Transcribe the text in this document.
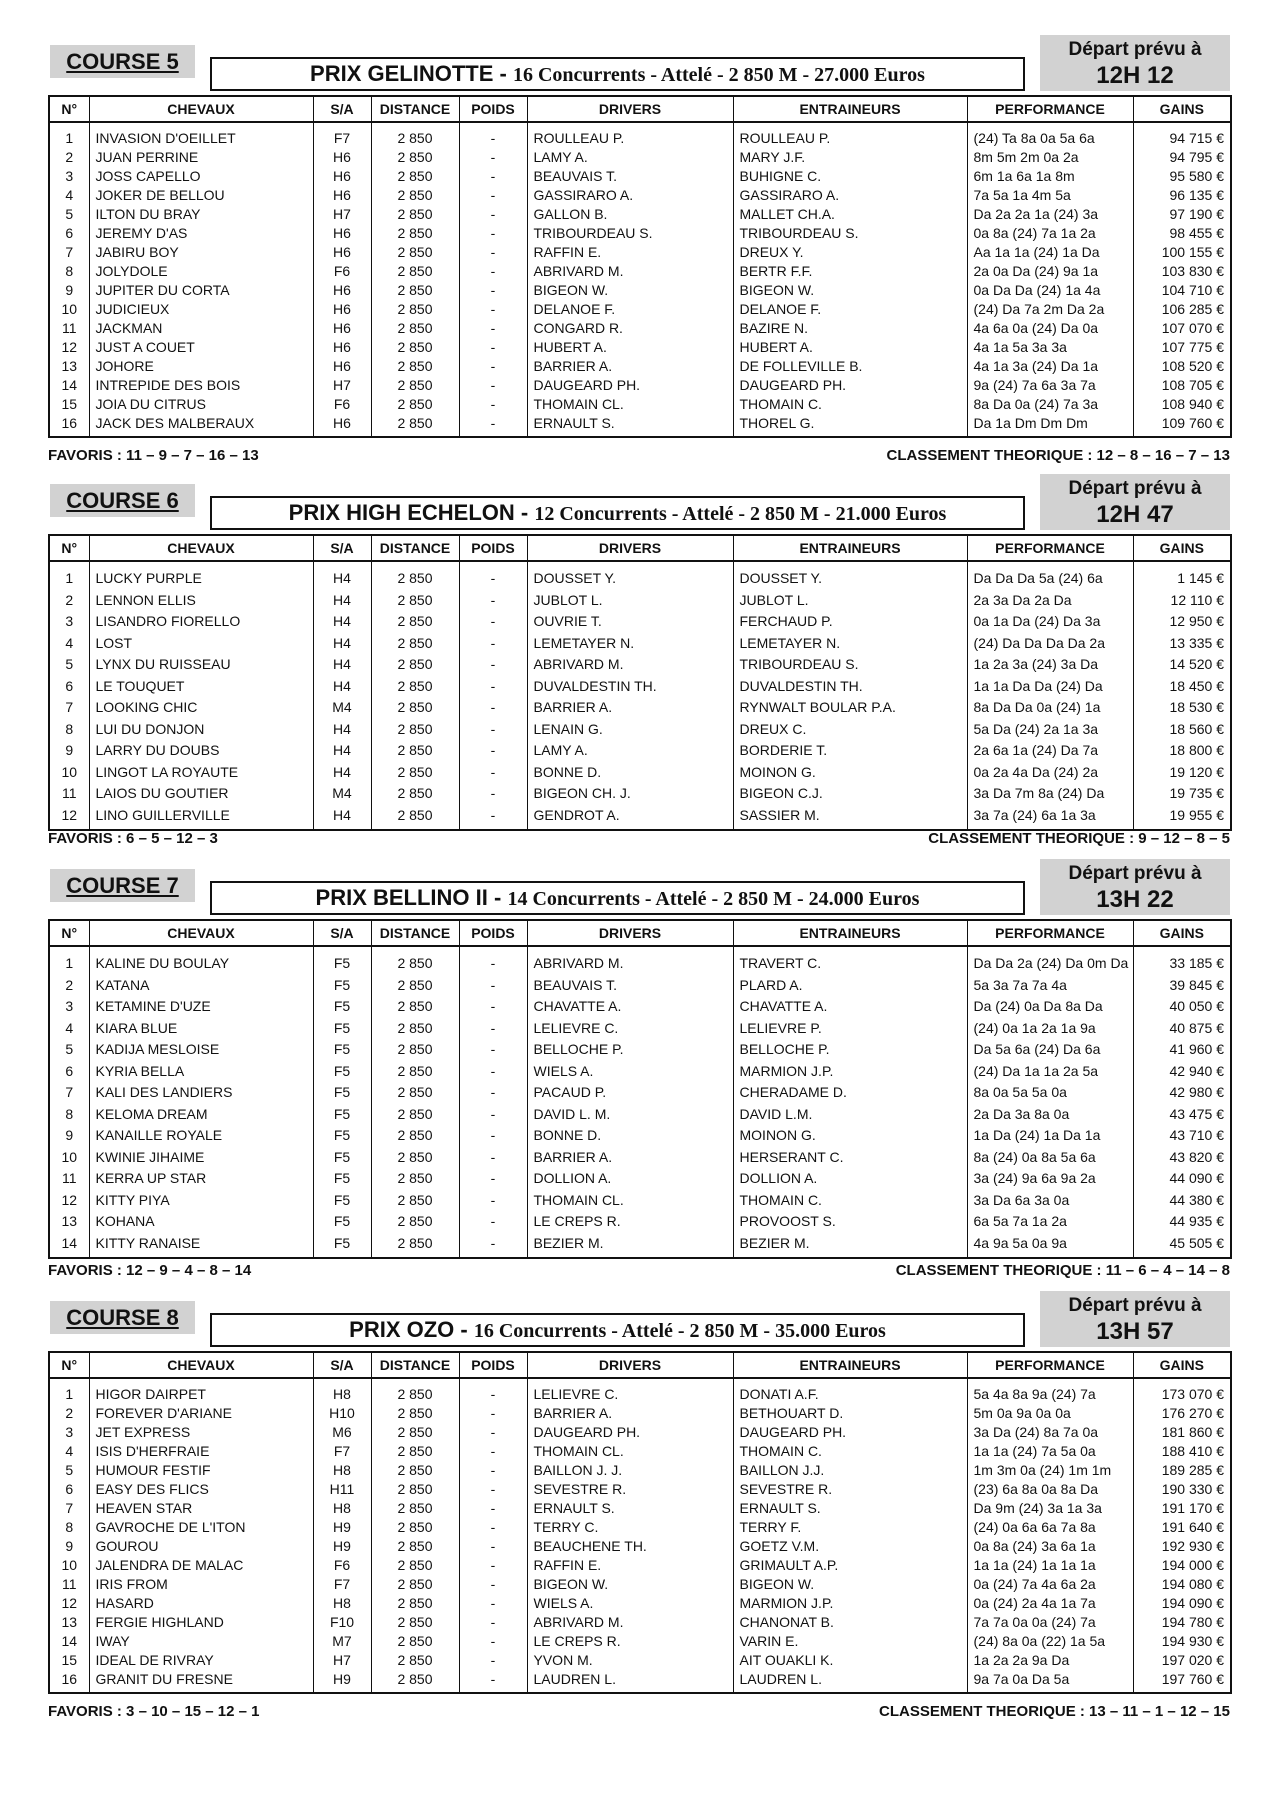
COURSE 5	PRIX GELINOTTE - 16 Concurrents - Attelé - 2 850 M - 27.000 Euros
Départ prévu à
12H 12
N°	CHEVAUX	S/A	DISTANCE	POIDS	DRIVERS	ENTRAINEURS	PERFORMANCE	GAINS
1	INVASION D'OEILLET	F7	2 850	-	ROULLEAU P.	ROULLEAU P.	(24) Ta 8a 0a 5a 6a	94 715 €
2	JUAN PERRINE	H6	2 850	-	LAMY A.	MARY J.F.	8m 5m 2m 0a 2a	94 795 €
3	JOSS CAPELLO	H6	2 850	-	BEAUVAIS T.	BUHIGNE C.	6m 1a 6a 1a 8m	95 580 €
4	JOKER DE BELLOU	H6	2 850	-	GASSIRARO A.	GASSIRARO A.	7a 5a 1a 4m 5a	96 135 €
5	ILTON DU BRAY	H7	2 850	-	GALLON B.	MALLET CH.A.	Da 2a 2a 1a (24) 3a	97 190 €
6	JEREMY D'AS	H6	2 850	-	TRIBOURDEAU S.	TRIBOURDEAU S.	0a 8a (24) 7a 1a 2a	98 455 €
7	JABIRU BOY	H6	2 850	-	RAFFIN E.	DREUX Y.	Aa 1a 1a (24) 1a Da	100 155 €
8	JOLYDOLE	F6	2 850	-	ABRIVARD M.	BERTR F.F.	2a 0a Da (24) 9a 1a	103 830 €
9	JUPITER DU CORTA	H6	2 850	-	BIGEON W.	BIGEON W.	0a Da Da (24) 1a 4a	104 710 €
10	JUDICIEUX	H6	2 850	-	DELANOE F.	DELANOE F.	(24) Da 7a 2m Da 2a	106 285 €
11	JACKMAN	H6	2 850	-	CONGARD R.	BAZIRE N.	4a 6a 0a (24) Da 0a	107 070 €
12	JUST A COUET	H6	2 850	-	HUBERT A.	HUBERT A.	4a 1a 5a 3a 3a	107 775 €
13	JOHORE	H6	2 850	-	BARRIER A.	DE FOLLEVILLE B.	4a 1a 3a (24) Da 1a	108 520 €
14	INTREPIDE DES BOIS	H7	2 850	-	DAUGEARD PH.	DAUGEARD PH.	9a (24) 7a 6a 3a 7a	108 705 €
15	JOIA DU CITRUS	F6	2 850	-	THOMAIN CL.	THOMAIN C.	8a Da 0a (24) 7a 3a	108 940 €
16	JACK DES MALBERAUX	H6	2 850	-	ERNAULT S.	THOREL G.	Da 1a Dm Dm Dm	109 760 €
FAVORIS : 11 – 9 – 7 – 16 – 13	CLASSEMENT THEORIQUE : 12 – 8 – 16 – 7 – 13
COURSE 6	PRIX HIGH ECHELON - 12 Concurrents - Attelé - 2 850 M - 21.000 Euros
Départ prévu à
12H 47
N°	CHEVAUX	S/A	DISTANCE	POIDS	DRIVERS	ENTRAINEURS	PERFORMANCE	GAINS
1	LUCKY PURPLE	H4	2 850	-	DOUSSET Y.	DOUSSET Y.	Da Da Da 5a (24) 6a	1 145 €
2	LENNON ELLIS	H4	2 850	-	JUBLOT L.	JUBLOT L.	2a 3a Da 2a Da	12 110 €
3	LISANDRO FIORELLO	H4	2 850	-	OUVRIE T.	FERCHAUD P.	0a 1a Da (24) Da 3a	12 950 €
4	LOST	H4	2 850	-	LEMETAYER N.	LEMETAYER N.	(24) Da Da Da Da 2a	13 335 €
5	LYNX DU RUISSEAU	H4	2 850	-	ABRIVARD M.	TRIBOURDEAU S.	1a 2a 3a (24) 3a Da	14 520 €
6	LE TOUQUET	H4	2 850	-	DUVALDESTIN TH.	DUVALDESTIN TH.	1a 1a Da Da (24) Da	18 450 €
7	LOOKING CHIC	M4	2 850	-	BARRIER A.	RYNWALT BOULAR P.A.	8a Da Da 0a (24) 1a	18 530 €
8	LUI DU DONJON	H4	2 850	-	LENAIN G.	DREUX C.	5a Da (24) 2a 1a 3a	18 560 €
9	LARRY DU DOUBS	H4	2 850	-	LAMY A.	BORDERIE T.	2a 6a 1a (24) Da 7a	18 800 €
10	LINGOT LA ROYAUTE	H4	2 850	-	BONNE D.	MOINON G.	0a 2a 4a Da (24) 2a	19 120 €
11	LAIOS DU GOUTIER	M4	2 850	-	BIGEON CH. J.	BIGEON C.J.	3a Da 7m 8a (24) Da	19 735 €
12	LINO GUILLERVILLE	H4	2 850	-	GENDROT A.	SASSIER M.	3a 7a (24) 6a 1a 3a	19 955 €
FAVORIS : 6 – 5 – 12 – 3	CLASSEMENT THEORIQUE : 9 – 12 – 8 – 5
COURSE 7	PRIX BELLINO II - 14 Concurrents - Attelé - 2 850 M - 24.000 Euros
Départ prévu à
13H 22
N°	CHEVAUX	S/A	DISTANCE	POIDS	DRIVERS	ENTRAINEURS	PERFORMANCE	GAINS
1	KALINE DU BOULAY	F5	2 850	-	ABRIVARD M.	TRAVERT C.	Da Da 2a (24) Da 0m Da	33 185 €
2	KATANA	F5	2 850	-	BEAUVAIS T.	PLARD A.	5a 3a 7a 7a 4a	39 845 €
3	KETAMINE D'UZE	F5	2 850	-	CHAVATTE A.	CHAVATTE A.	Da (24) 0a Da 8a Da	40 050 €
4	KIARA BLUE	F5	2 850	-	LELIEVRE C.	LELIEVRE P.	(24) 0a 1a 2a 1a 9a	40 875 €
5	KADIJA MESLOISE	F5	2 850	-	BELLOCHE P.	BELLOCHE P.	Da 5a 6a (24) Da 6a	41 960 €
6	KYRIA BELLA	F5	2 850	-	WIELS A.	MARMION J.P.	(24) Da 1a 1a 2a 5a	42 940 €
7	KALI DES LANDIERS	F5	2 850	-	PACAUD P.	CHERADAME D.	8a 0a 5a 5a 0a	42 980 €
8	KELOMA DREAM	F5	2 850	-	DAVID L. M.	DAVID L.M.	2a Da 3a 8a 0a	43 475 €
9	KANAILLE ROYALE	F5	2 850	-	BONNE D.	MOINON G.	1a Da (24) 1a Da 1a	43 710 €
10	KWINIE JIHAIME	F5	2 850	-	BARRIER A.	HERSERANT C.	8a (24) 0a 8a 5a 6a	43 820 €
11	KERRA UP STAR	F5	2 850	-	DOLLION A.	DOLLION A.	3a (24) 9a 6a 9a 2a	44 090 €
12	KITTY PIYA	F5	2 850	-	THOMAIN CL.	THOMAIN C.	3a Da 6a 3a 0a	44 380 €
13	KOHANA	F5	2 850	-	LE CREPS R.	PROVOOST S.	6a 5a 7a 1a 2a	44 935 €
14	KITTY RANAISE	F5	2 850	-	BEZIER M.	BEZIER M.	4a 9a 5a 0a 9a	45 505 €
FAVORIS : 12 – 9 – 4 – 8 – 14	CLASSEMENT THEORIQUE : 11 – 6 – 4 – 14 – 8
COURSE 8	PRIX OZO - 16 Concurrents - Attelé - 2 850 M - 35.000 Euros
Départ prévu à
13H 57
N°	CHEVAUX	S/A	DISTANCE	POIDS	DRIVERS	ENTRAINEURS	PERFORMANCE	GAINS
1	HIGOR DAIRPET	H8	2 850	-	LELIEVRE C.	DONATI A.F.	5a 4a 8a 9a (24) 7a	173 070 €
2	FOREVER D'ARIANE	H10	2 850	-	BARRIER A.	BETHOUART D.	5m 0a 9a 0a 0a	176 270 €
3	JET EXPRESS	M6	2 850	-	DAUGEARD PH.	DAUGEARD PH.	3a Da (24) 8a 7a 0a	181 860 €
4	ISIS D'HERFRAIE	F7	2 850	-	THOMAIN CL.	THOMAIN C.	1a 1a (24) 7a 5a 0a	188 410 €
5	HUMOUR FESTIF	H8	2 850	-	BAILLON J. J.	BAILLON J.J.	1m 3m 0a (24) 1m 1m	189 285 €
6	EASY DES FLICS	H11	2 850	-	SEVESTRE R.	SEVESTRE R.	(23) 6a 8a 0a 8a Da	190 330 €
7	HEAVEN STAR	H8	2 850	-	ERNAULT S.	ERNAULT S.	Da 9m (24) 3a 1a 3a	191 170 €
8	GAVROCHE DE L'ITON	H9	2 850	-	TERRY C.	TERRY F.	(24) 0a 6a 6a 7a 8a	191 640 €
9	GOUROU	H9	2 850	-	BEAUCHENE TH.	GOETZ V.M.	0a 8a (24) 3a 6a 1a	192 930 €
10	JALENDRA DE MALAC	F6	2 850	-	RAFFIN E.	GRIMAULT A.P.	1a 1a (24) 1a 1a 1a	194 000 €
11	IRIS FROM	F7	2 850	-	BIGEON W.	BIGEON W.	0a (24) 7a 4a 6a 2a	194 080 €
12	HASARD	H8	2 850	-	WIELS A.	MARMION J.P.	0a (24) 2a 4a 1a 7a	194 090 €
13	FERGIE HIGHLAND	F10	2 850	-	ABRIVARD M.	CHANONAT B.	7a 7a 0a 0a (24) 7a	194 780 €
14	IWAY	M7	2 850	-	LE CREPS R.	VARIN E.	(24) 8a 0a (22) 1a 5a	194 930 €
15	IDEAL DE RIVRAY	H7	2 850	-	YVON M.	AIT OUAKLI K.	1a 2a 2a 9a Da	197 020 €
16	GRANIT DU FRESNE	H9	2 850	-	LAUDREN L.	LAUDREN L.	9a 7a 0a Da 5a	197 760 €
FAVORIS : 3 – 10 – 15 – 12 – 1	CLASSEMENT THEORIQUE : 13 – 11 – 1 – 12 – 15
